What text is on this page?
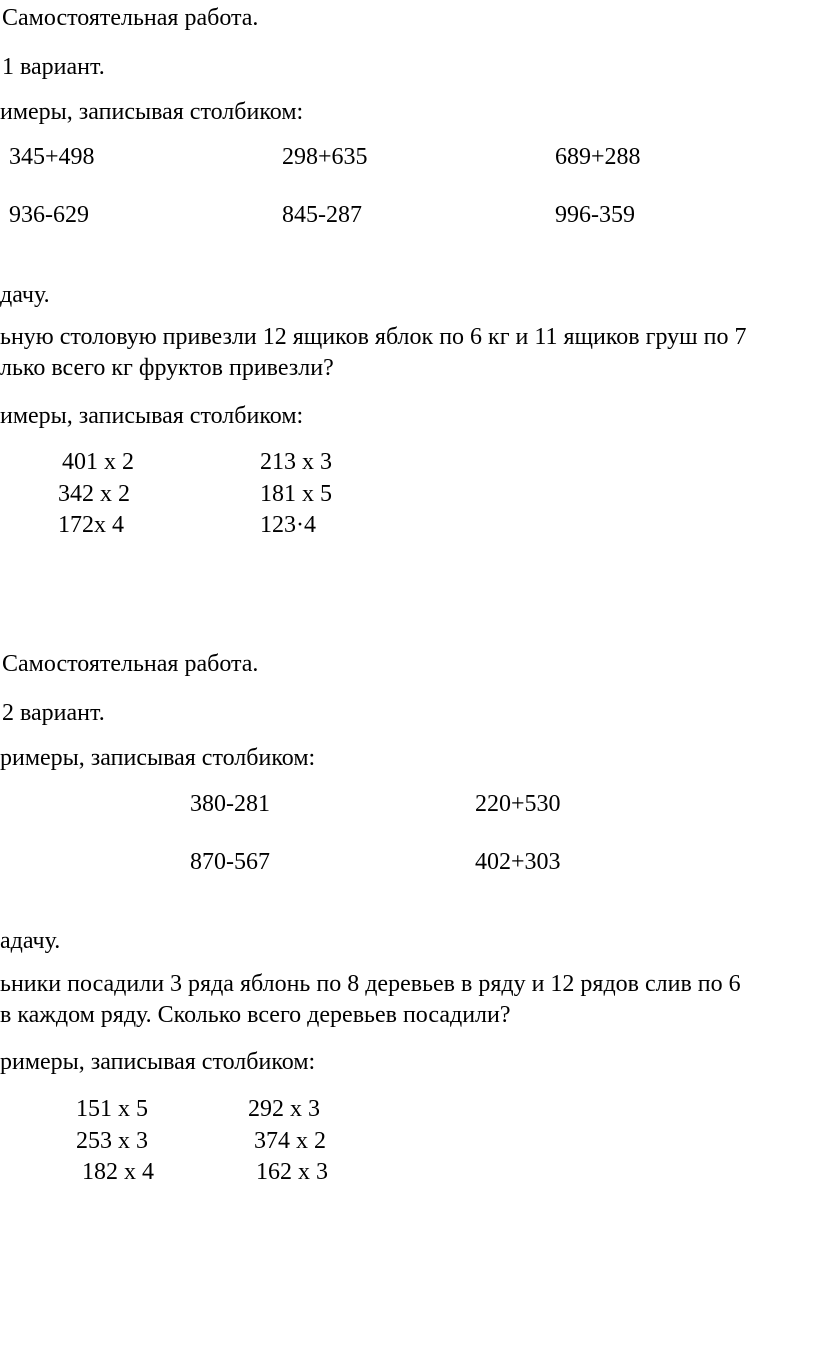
Самостоятельная работа.
1 вариант.
имеры, записывая столбиком:
345+498	298+635	689+288
936-629	845-287	996-359
дачу.
ьную столовую привезли 12 ящиков яблок по 6 кг и 11 ящиков груш по 7
лько всего кг фруктов привезли?
имеры, записывая столбиком:
401 x 2	213 x 3
342 x 2	181 x 5
172x 4	123·4
Самостоятельная работа.
2 вариант.
римеры, записывая столбиком:
380-281	220+530
870-567	402+303
адачу.
ьники посадили 3 ряда яблонь по 8 деревьев в ряду и 12 рядов слив по 6
в каждом ряду. Сколько всего деревьев посадили?
римеры, записывая столбиком:
151 x 5	292 x 3
253 x 3	374 x 2
182 x 4	162 x 3
